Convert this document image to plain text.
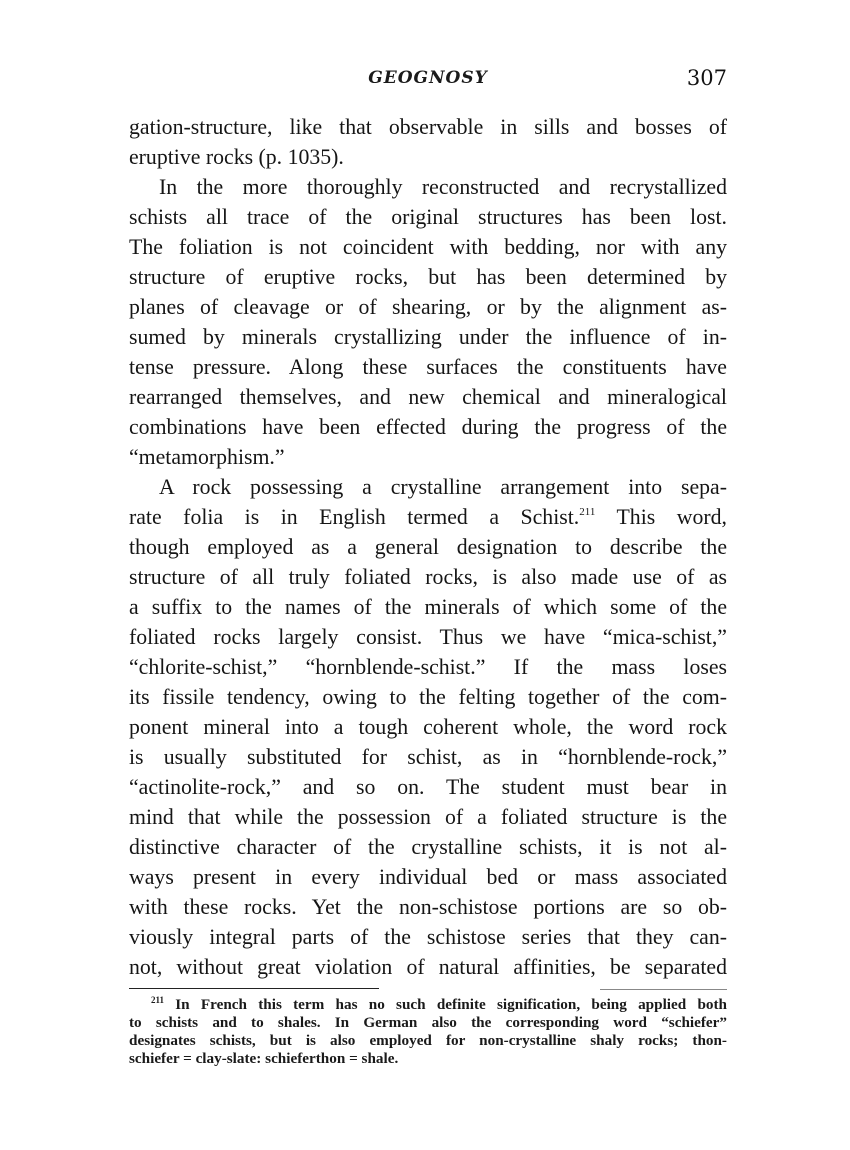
GEOGNOSY	307
gation-structure, like that observable in sills and bosses of
eruptive rocks (p. 1035).
In the more thoroughly reconstructed and recrystallized
schists all trace of the original structures has been lost.
The foliation is not coincident with bedding, nor with any
structure of eruptive rocks, but has been determined by
planes of cleavage or of shearing, or by the alignment as-
sumed by minerals crystallizing under the influence of in-
tense pressure. Along these surfaces the constituents have
rearranged themselves, and new chemical and mineralogical
combinations have been effected during the progress of the
“metamorphism.”
A rock possessing a crystalline arrangement into sepa-
rate folia is in English termed a Schist.$^{211}$ This word,
though employed as a general designation to describe the
structure of all truly foliated rocks, is also made use of as
a suffix to the names of the minerals of which some of the
foliated rocks largely consist. Thus we have “mica-schist,”
“chlorite-schist,” “hornblende-schist.” If the mass loses
its fissile tendency, owing to the felting together of the com-
ponent mineral into a tough coherent whole, the word rock
is usually substituted for schist, as in “hornblende-rock,”
“actinolite-rock,” and so on. The student must bear in
mind that while the possession of a foliated structure is the
distinctive character of the crystalline schists, it is not al-
ways present in every individual bed or mass associated
with these rocks. Yet the non-schistose portions are so ob-
viously integral parts of the schistose series that they can-
not, without great violation of natural affinities, be separated
$^{211}$ In French this term has no such definite signification, being applied both
to schists and to shales. In German also the corresponding word “schiefer”
designates schists, but is also employed for non-crystalline shaly rocks; thon-
schiefer = clay-slate: schieferthon = shale.
